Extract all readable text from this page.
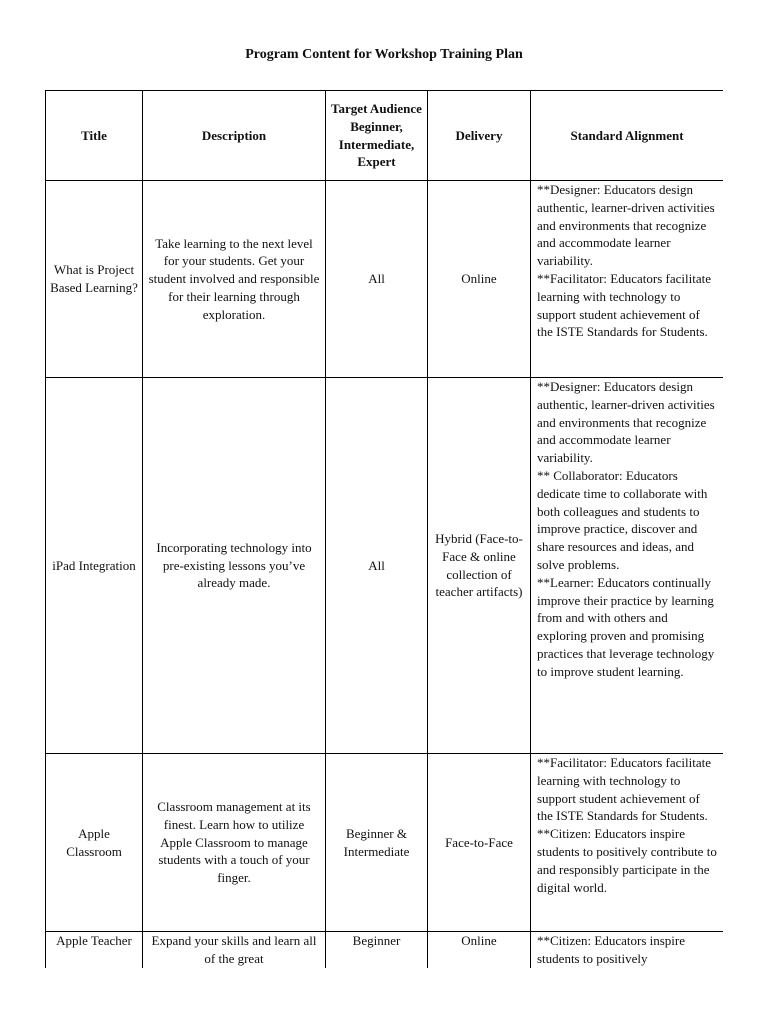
Program Content for Workshop Training Plan
Title	Description	Target Audience Beginner, Intermediate, Expert	Delivery	Standard Alignment
What is Project Based Learning?	Take learning to the next level for your students. Get your student involved and responsible for their learning through exploration.	All	Online	**Designer: Educators design authentic, learner-driven activities and environments that recognize and accommodate learner variability.
**Facilitator: Educators facilitate learning with technology to support student achievement of the ISTE Standards for Students.

iPad Integration	Incorporating technology into pre-existing lessons you’ve already made.	All	Hybrid (Face-to-Face & online collection of teacher artifacts)	**Designer: Educators design authentic, learner-driven activities and environments that recognize and accommodate learner variability.
** Collaborator: Educators dedicate time to collaborate with both colleagues and students to improve practice, discover and share resources and ideas, and solve problems.
**Learner: Educators continually improve their practice by learning from and with others and exploring proven and promising practices that leverage technology to improve student learning.

Apple Classroom	Classroom management at its finest. Learn how to utilize Apple Classroom to manage students with a touch of your finger.	Beginner & Intermediate	Face-to-Face	**Facilitator: Educators facilitate learning with technology to support student achievement of the ISTE Standards for Students.
**Citizen: Educators inspire students to positively contribute to and responsibly participate in the digital world.

Apple Teacher	Expand your skills and learn all of the great	Beginner	Online	**Citizen: Educators inspire students to positively
